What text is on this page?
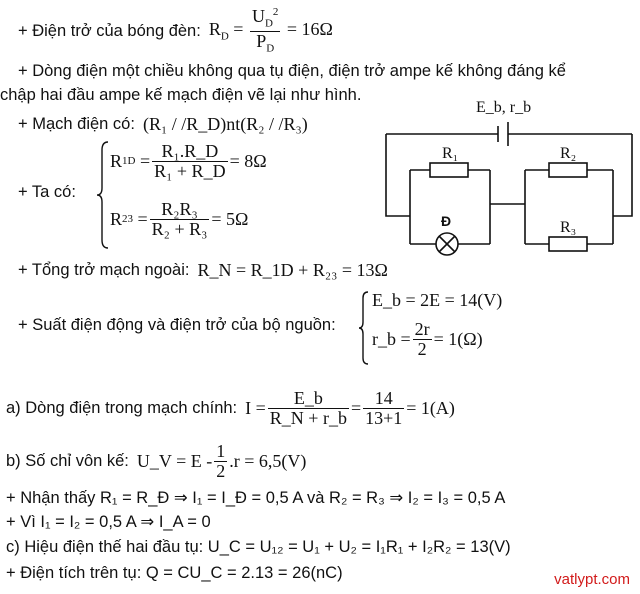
+ Điện trở của bóng đèn: $R_D = \frac{U_D^2}{P_D} = 16\Omega$
+ Dòng điện một chiều không qua tụ điện, điện trở ampe kế không đáng kể
chập hai đầu ampe kế mạch điện vẽ lại như hình.
+ Mạch điện có: (R₁ / /R_D)nt(R₂ / /R₃)
+ Ta có:
R $1D = \frac{\text{R₁.R\_D}}{\text{R₁ + R\_D}} = 8\Omega$
R $23 = \frac{\text{R₂R₃}}{\text{R₂ + R₃}} = 5\Omega$
E_b, r_b
R₁	R₂
R₃
Đ
+ Tổng trở mạch ngoài: R_N = R_1D + R₂₃ = 13Ω
+ Suất điện động và điện trở của bộ nguồn:
E_b = 2E = 14(V)
r_b = $\frac{2r}{2} = 1(\Omega)$
a) Dòng điện trong mạch chính: $I = \frac{E\_b}{R\_N + r\_b} = \frac{14}{13+1} = 1(A)$
b) Số chỉ vôn kế: U_V = $E - \frac{1}{2} .r = 6,5(V)$
+ Nhận thấy R₁ = R_Đ ⇒ I₁ = I_Đ = 0,5 A và R₂ = R₃ ⇒ I₂ = I₃ = 0,5 A
+ Vì I₁ = I₂ = 0,5 A ⇒ I_A = 0
c) Hiệu điện thế hai đầu tụ: U_C = U₁₂ = U₁ + U₂ = I₁R₁ + I₂R₂ = 13(V)
+ Điện tích trên tụ: Q = CU_C = 2.13 = 26(nC)	vatlypt.com
